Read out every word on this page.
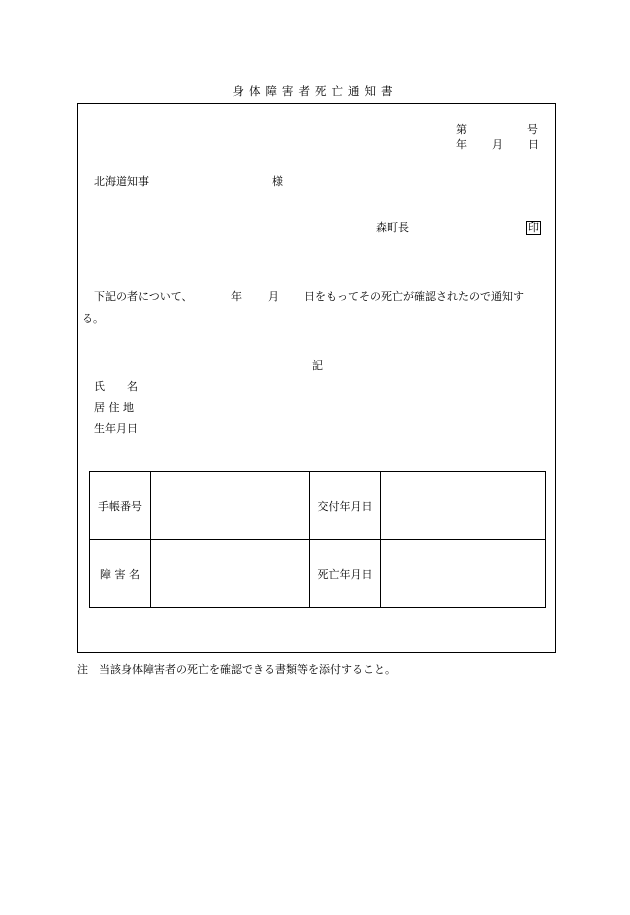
身体障害者死亡通知書
第	号
年 月 日
北海道知事	様
森町長	印
下記の者について、	年 月 日をもってその死亡が確認されたので通知す
る。
記
氏　　名
居 住 地
生年月日
手帳番号		交付年月日	
障 害 名		死亡年月日	
注　当該身体障害者の死亡を確認できる書類等を添付すること。
